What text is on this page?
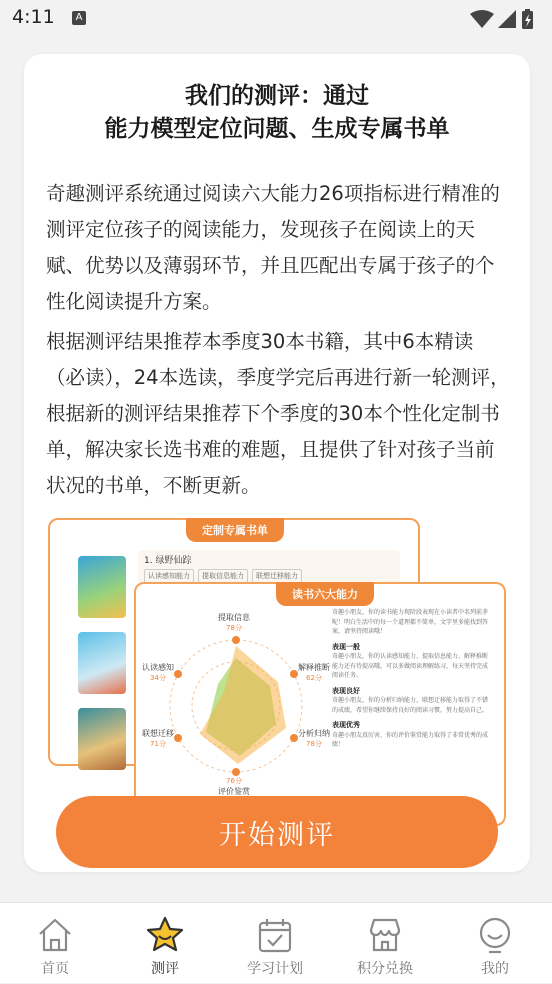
4:11	A
我们的测评：通过
能力模型定位问题、生成专属书单

奇趣测评系统通过阅读六大能力26项指标进行精准的测评定位孩子的阅读能力，发现孩子在阅读上的天赋、优势以及薄弱环节，并且匹配出专属于孩子的个性化阅读提升方案。

根据测评结果推荐本季度30本书籍，其中6本精读（必读），24本选读，季度学完后再进行新一轮测评，根据新的测评结果推荐下个季度的30本个性化定制书单，解决家长选书难的难题，且提供了针对孩子当前状况的书单，不断更新。

定制专属书单
1. 绿野仙踪
认读感知能力	提取信息能力	联想迁移能力
读书六大能力
提取信息
78分
解释推断
62分
分析归纳
78分
76分
评价鉴赏
联想迁移
71分
认读感知
34分

奇趣小朋友，你的读书能力现阶段表现在小读者中名列前茅呢！明白生活中的每一个道理都不简单，文字里多能找到答案，请坚持阅读哦！
表现一般
奇趣小朋友，你的认读感知能力、提取信息能力、解释推断能力还有待提高哦，可以多做阅读理解练习，每天坚持完成阅读任务。
表现良好
奇趣小朋友，你的分析归纳能力、联想迁移能力取得了不错的成绩，希望你继续保持良好的阅读习惯，努力提高自己。
表现优秀
奇趣小朋友真厉害，你的评价鉴赏能力取得了非常优秀的成绩！
开始测评
首页	测评	学习计划	积分兑换	我的
